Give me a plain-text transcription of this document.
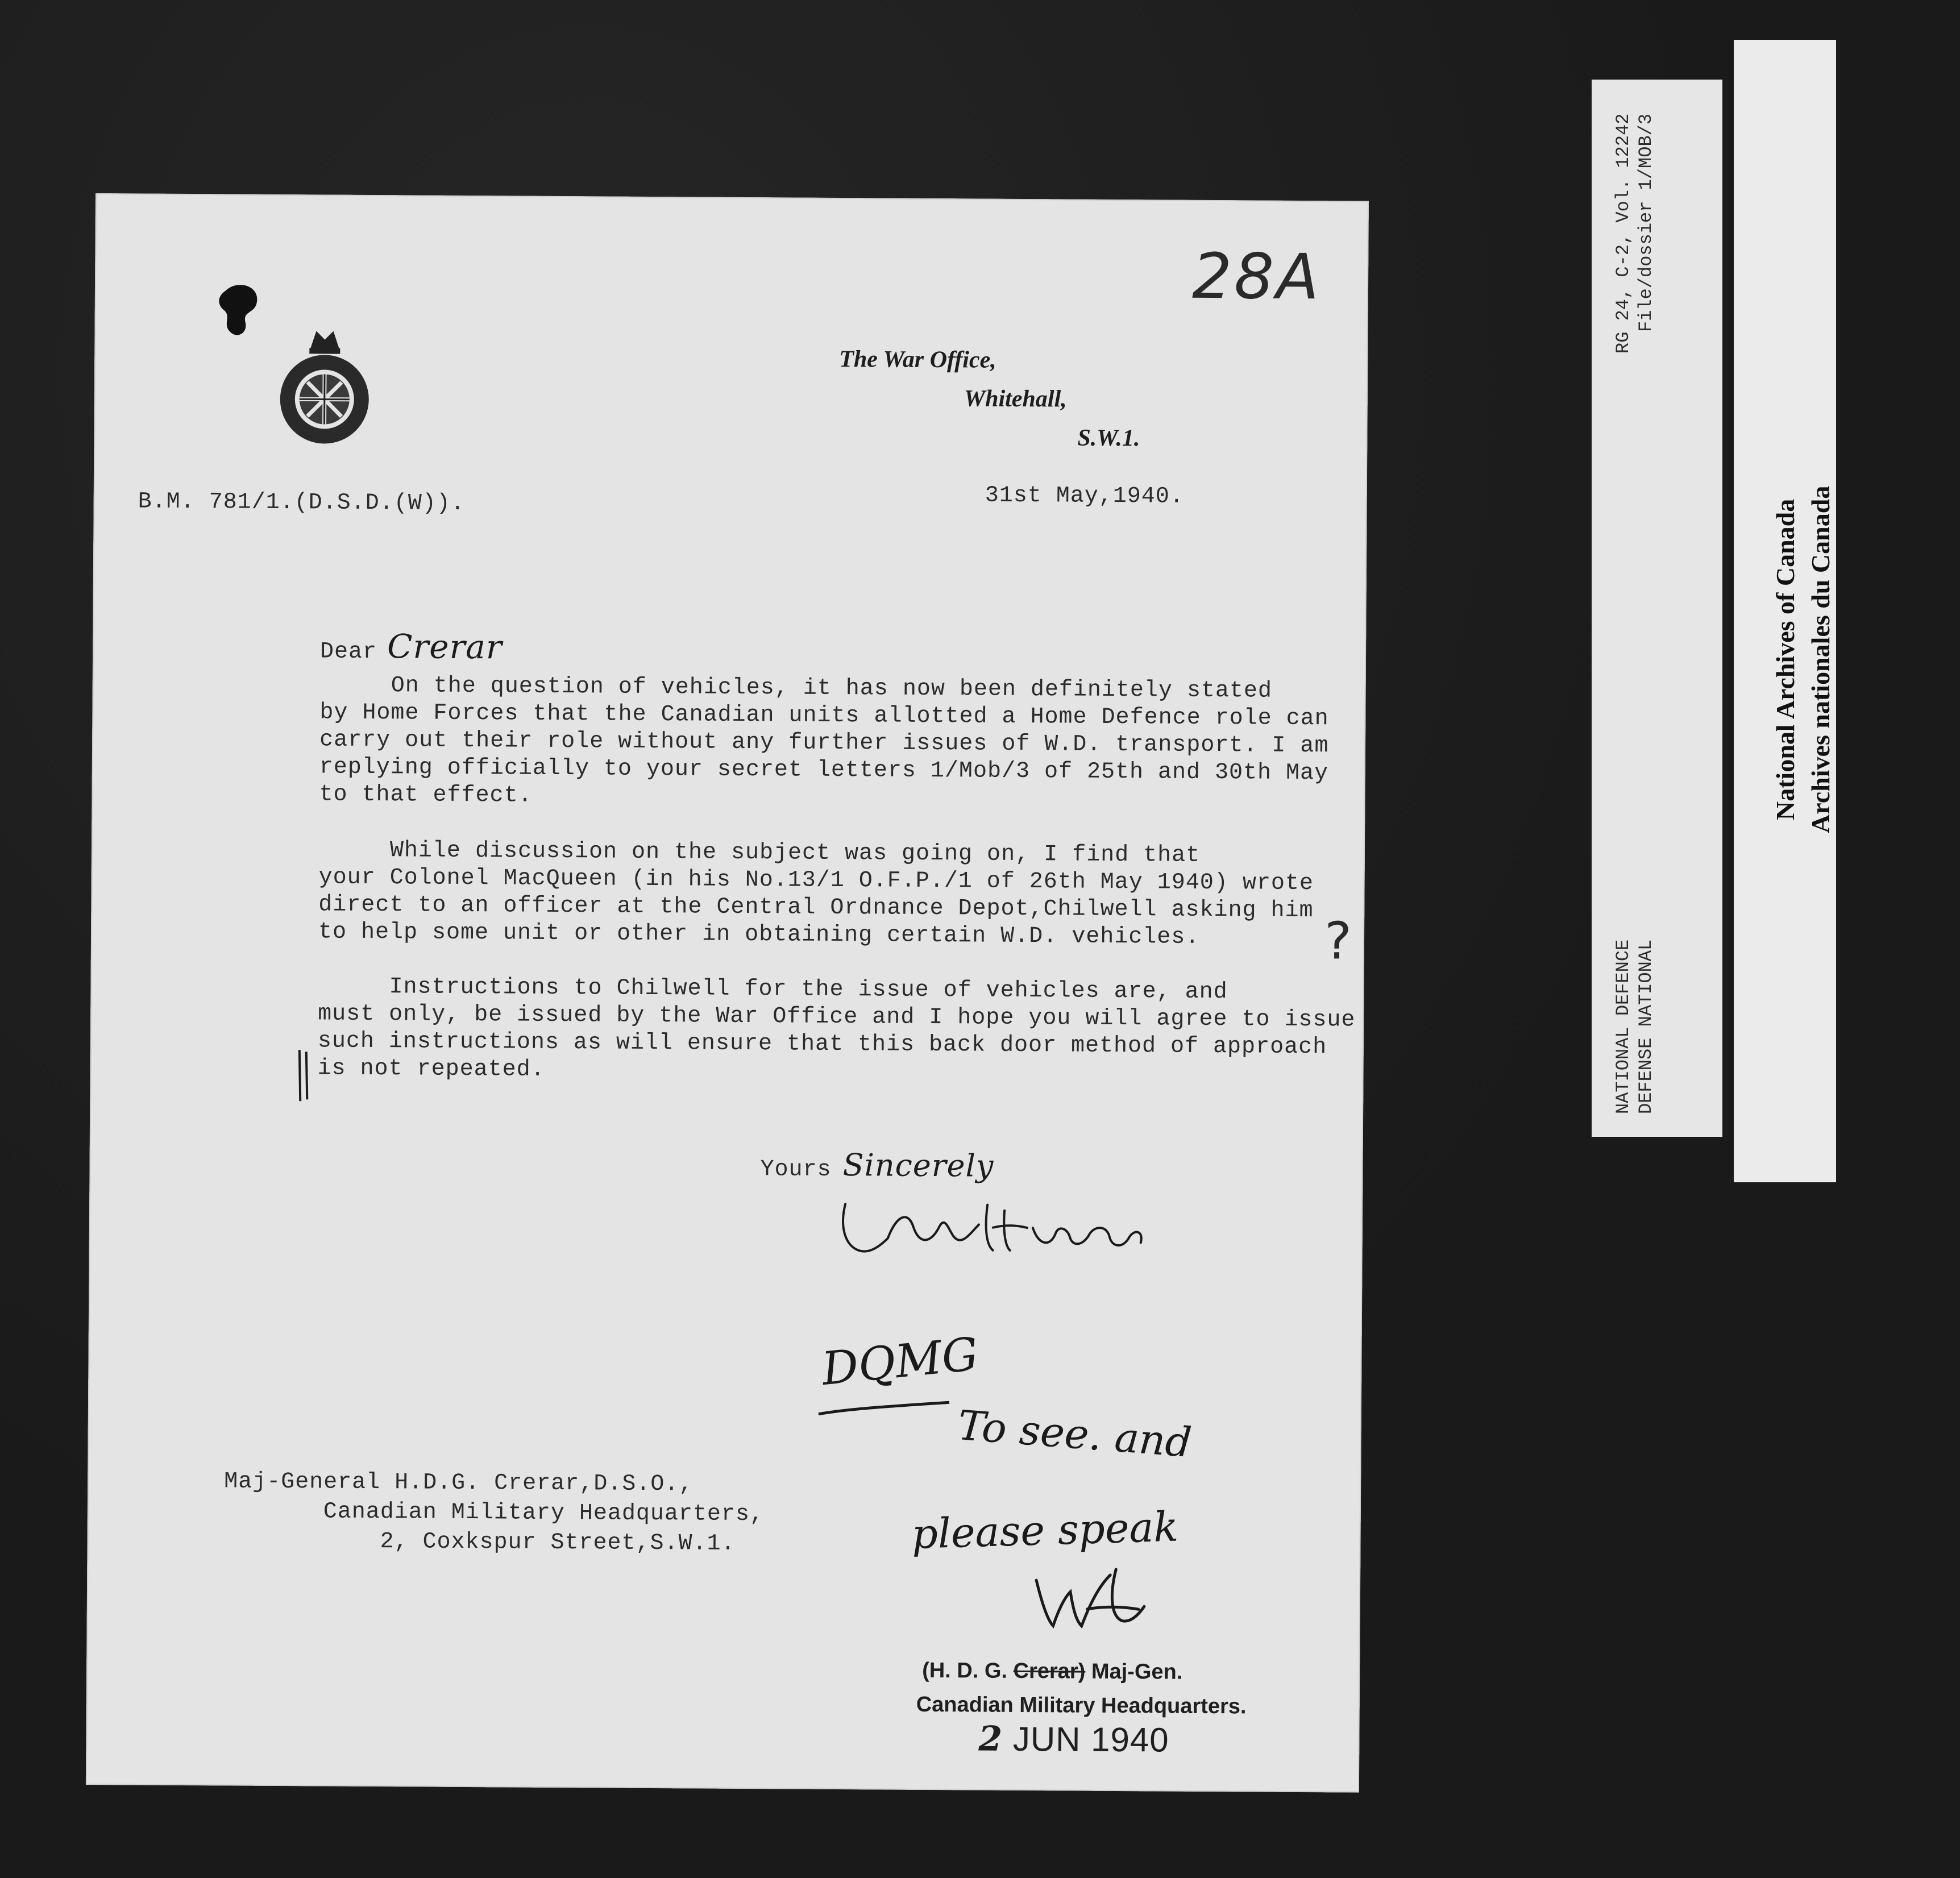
28A
The War Office,
Whitehall,
S.W.1.
B.M. 781/1.(D.S.D.(W)).	31st May,1940.
Dear Crerar
On the question of vehicles, it has now been definitely stated
by Home Forces that the Canadian units allotted a Home Defence role can
carry out their role without any further issues of W.D. transport. I am
replying officially to your secret letters 1/Mob/3 of 25th and 30th May
to that effect.
While discussion on the subject was going on, I find that
your Colonel MacQueen (in his No.13/1 O.F.P./1 of 26th May 1940) wrote
direct to an officer at the Central Ordnance Depot,Chilwell asking him
to help some unit or other in obtaining certain W.D. vehicles.
Instructions to Chilwell for the issue of vehicles are, and
must only, be issued by the War Office and I hope you will agree to issue
such instructions as will ensure that this back door method of approach
is not repeated.
?
Yours Sincerely
Maj-General H.D.G. Crerar,D.S.O.,
Canadian Military Headquarters,
2, Coxkspur Street,S.W.1.
DQMG
To see. and
please speak
(H. D. G. Crerar) Maj-Gen.
Canadian Military Headquarters.
2 JUN 1940
RG 24, C-2, Vol. 12242 File/dossier 1/MOB/3
NATIONAL DEFENCE DEFENSE NATIONAL
National Archives of Canada Archives nationales du Canada
